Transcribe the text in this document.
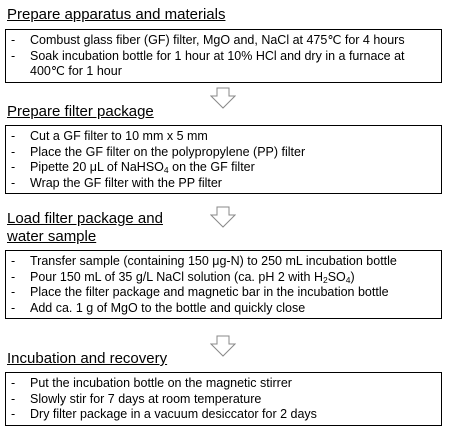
Prepare apparatus and materials
- Combust glass fiber (GF) filter, MgO and, NaCl at 475℃ for 4 hours
- Soak incubation bottle for 1 hour at 10% HCl and dry in a furnace at 400℃ for 1 hour
Prepare filter package
- Cut a GF filter to 10 mm x 5 mm
- Place the GF filter on the polypropylene (PP) filter
- Pipette 20 μL of NaHSO$_4$ on the GF filter
- Wrap the GF filter with the PP filter
Load filter package and
water sample
- Transfer sample (containing 150 μg-N) to 250 mL incubation bottle
- Pour 150 mL of 35 g/L NaCl solution (ca. pH 2 with $H_2SO_4$)
- Place the filter package and magnetic bar in the incubation bottle
- Add ca. 1 g of MgO to the bottle and quickly close
Incubation and recovery
- Put the incubation bottle on the magnetic stirrer
- Slowly stir for 7 days at room temperature
- Dry filter package in a vacuum desiccator for 2 days
